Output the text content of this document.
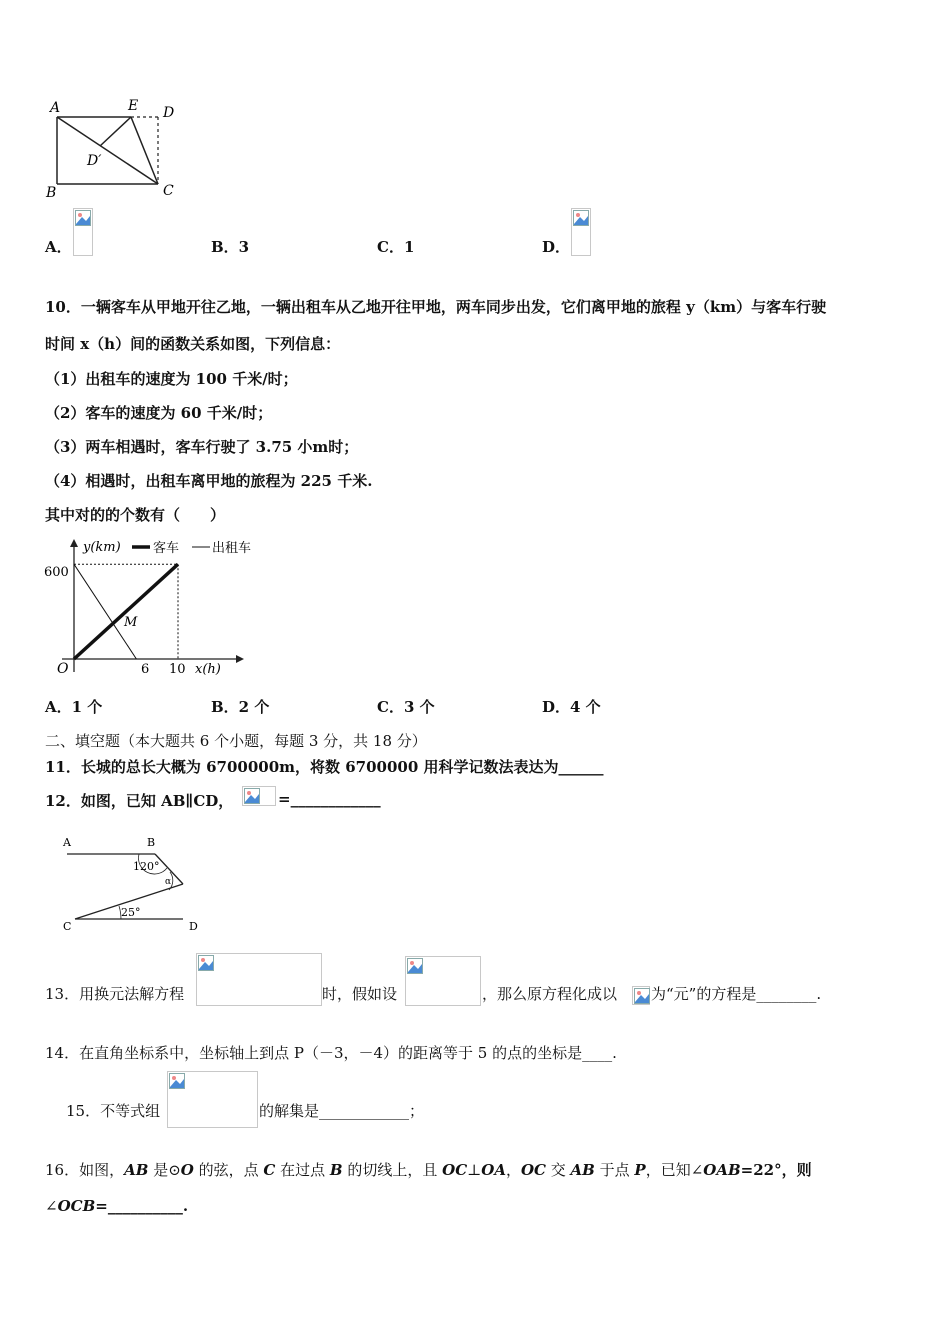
A	E D
D′
B	C
A．	B．3	C．1	D．
10．一辆客车从甲地开往乙地，一辆出租车从乙地开往甲地，两车同步出发，它们离甲地的旅程 y（km）与客车行驶
时间 x（h）间的函数关系如图，下列信息：
（1）出租车的速度为 100 千米/时；
（2）客车的速度为 60 千米/时；
（3）两车相遇时，客车行驶了 3.75 小ⅿ时；
（4）相遇时，出租车离甲地的旅程为 225 千米.
其中对的的个数有（　　）
y(km) 客车	出租车
O
600
6 10 x(h)
M
A．1 个	B．2 个	C．3 个	D．4 个
二、填空题（本大题共 6 个小题，每题 3 分，共 18 分）
11．长城的总长大概为 6700000m，将数 6700000 用科学记数法表达为______
12．如图，已知 AB∥CD，	=____________
A	B
120°
α
25°
C	D
13．用换元法解方程	时，假如设	，那么原方程化成以 为“元”的方程是________.
14．在直角坐标系中，坐标轴上到点 P（－3，－4）的距离等于 5 的点的坐标是____.
15．不等式组	的解集是____________；
16．如图，AB 是⊙O 的弦，点 C 在过点 B 的切线上，且 OC⊥OA，OC 交 AB 于点 P，已知∠OAB=22°，则
∠OCB=__________.
